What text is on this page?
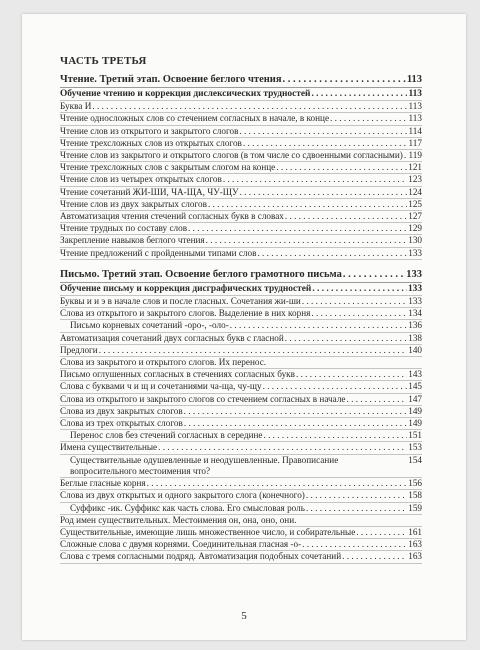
ЧАСТЬ ТРЕТЬЯ
Чтение. Третий этап. Освоение беглого чтения . . .	113
Обучение чтению и коррекция дислексических трудностей . . .	113
Буква И . . .	113
Чтение односложных слов со стечением согласных в начале, в конце . . .	113
Чтение слов из открытого и закрытого слогов . . .	114
Чтение трехсложных слов из открытых слогов . . .	117
Чтение слов из закрытого и открытого слогов (в том числе со сдвоенными согласными) . . . 119
Чтение трехсложных слов с закрытым слогом на конце . . .	121
Чтение слов из четырех открытых слогов . . .	123
Чтение сочетаний ЖИ-ШИ, ЧА-ЩА, ЧУ-ЩУ . . .	124
Чтение слов из двух закрытых слогов . . .	125
Автоматизация чтения стечений согласных букв в словах . . .	127
Чтение трудных по составу слов . . .	129
Закрепление навыков беглого чтения . . .	130
Чтение предложений с пройденными типами слов . . .	133
Письмо. Третий этап. Освоение беглого грамотного письма . . .	133
Обучение письму и коррекция дисграфических трудностей . . .	133
Буквы и и э в начале слов и после гласных. Сочетания жи-ши . . .	133
Слова из открытого и закрытого слогов. Выделение в них корня . . .	134
Письмо корневых сочетаний -оро-, -оло- . . .	136
Автоматизация сочетаний двух согласных букв с гласной . . .	138
Предлоги . . .	140
Слова из закрытого и открытого слогов. Их перенос.
Письмо оглушенных согласных в стечениях согласных букв . . .	143
Слова с буквами ч и щ и сочетаниями ча-ща, чу-щу . . .	145
Слова из открытого и закрытого слогов со стечением согласных в начале . . .	147
Слова из двух закрытых слогов . . .	149
Слова из трех открытых слогов . . .	149
Перенос слов без стечений согласных в середине . . .	151
Имена существительные . . .	153
Существительные одушевленные и неодушевленные. Правописание вопросительного местоимения что?
154
Беглые гласные корня . . .	156
Слова из двух открытых и одного закрытого слога (конечного) . . .	158
Суффикс -ик. Суффикс как часть слова. Его смысловая роль . . .	159
Род имен существительных. Местоимения он, она, оно, они.
Существительные, имеющие лишь множественное число, и собирательные . . .	161
Сложные слова с двумя корнями. Соединительная гласная -о- . . .	163
Слова с тремя согласными подряд. Автоматизация подобных сочетаний . . .	163
5
